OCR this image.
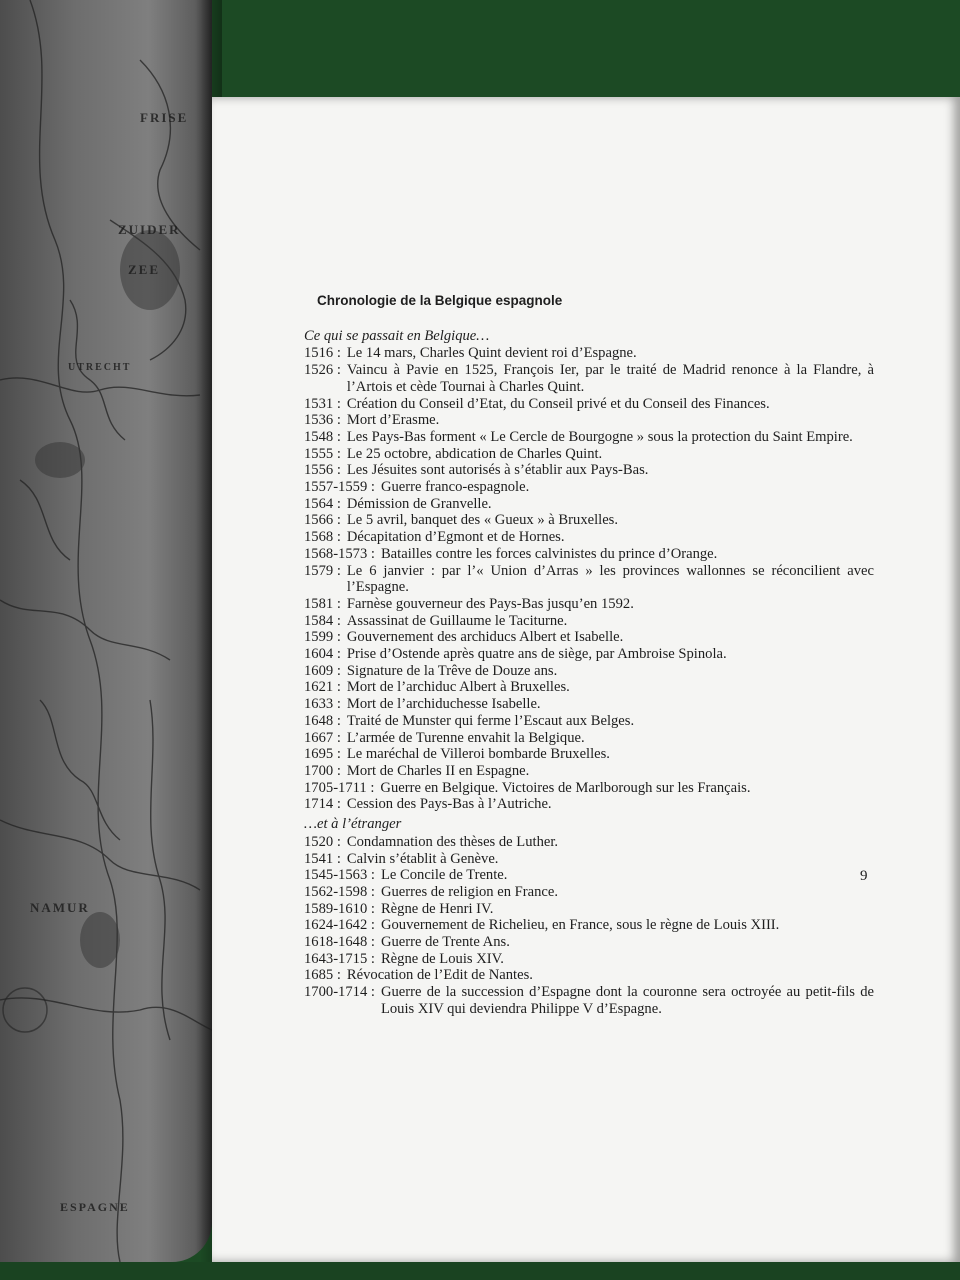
FRISE
ZUIDER
ZEE
UTRECHT
NAMUR
ESPAGNE
Chronologie de la Belgique espagnole
Ce qui se passait en Belgique…
1516 : Le 14 mars, Charles Quint devient roi d’Espagne.
1526 : Vaincu à Pavie en 1525, François Ier, par le traité de Madrid renonce à la Flandre, à l’Artois et cède Tournai à Charles Quint.
1531 : Création du Conseil d’Etat, du Conseil privé et du Conseil des Finances.
1536 : Mort d’Erasme.
1548 : Les Pays-Bas forment « Le Cercle de Bourgogne » sous la protection du Saint Empire.
1555 : Le 25 octobre, abdication de Charles Quint.
1556 : Les Jésuites sont autorisés à s’établir aux Pays-Bas.
1557-1559 : Guerre franco-espagnole.
1564 : Démission de Granvelle.
1566 : Le 5 avril, banquet des « Gueux » à Bruxelles.
1568 : Décapitation d’Egmont et de Hornes.
1568-1573 : Batailles contre les forces calvinistes du prince d’Orange.
1579 : Le 6 janvier : par l’« Union d’Arras » les provinces wallonnes se réconcilient avec l’Espagne.
1581 : Farnèse gouverneur des Pays-Bas jusqu’en 1592.
1584 : Assassinat de Guillaume le Taciturne.
1599 : Gouvernement des archiducs Albert et Isabelle.
1604 : Prise d’Ostende après quatre ans de siège, par Ambroise Spinola.
1609 : Signature de la Trêve de Douze ans.
1621 : Mort de l’archiduc Albert à Bruxelles.
1633 : Mort de l’archiduchesse Isabelle.
1648 : Traité de Munster qui ferme l’Escaut aux Belges.
1667 : L’armée de Turenne envahit la Belgique.
1695 : Le maréchal de Villeroi bombarde Bruxelles.
1700 : Mort de Charles II en Espagne.
1705-1711 : Guerre en Belgique. Victoires de Marlborough sur les Français.
1714 : Cession des Pays-Bas à l’Autriche.
…et à l’étranger
1520 : Condamnation des thèses de Luther.
1541 : Calvin s’établit à Genève.
1545-1563 : Le Concile de Trente.
1562-1598 : Guerres de religion en France.
1589-1610 : Règne de Henri IV.
1624-1642 : Gouvernement de Richelieu, en France, sous le règne de Louis XIII.
1618-1648 : Guerre de Trente Ans.
1643-1715 : Règne de Louis XIV.
1685 : Révocation de l’Edit de Nantes.
1700-1714 : Guerre de la succession d’Espagne dont la couronne sera octroyée au petit-fils de Louis XIV qui deviendra Philippe V d’Espagne.
9
